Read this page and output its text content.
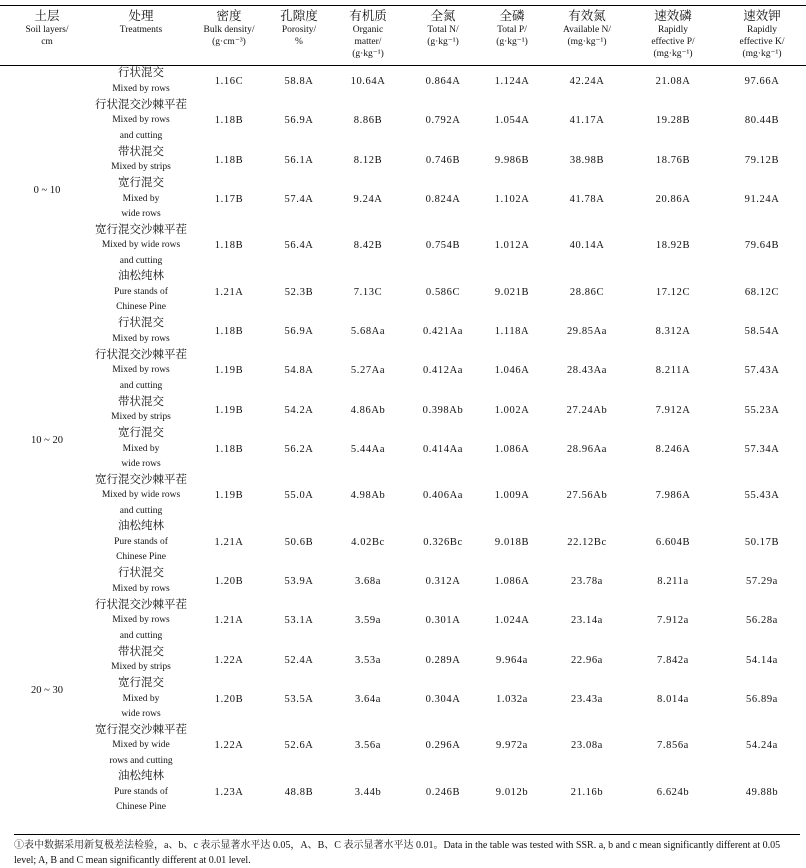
土层
Soil layers/
cm	处理
Treatments	密度
Bulk density/
(g·cm⁻³)	孔隙度
Porosity/
%	有机质
Organic
matter/
(g·kg⁻¹)	全氮
Total N/
(g·kg⁻¹)	全磷
Total P/
(g·kg⁻¹)	有效氮
Available N/
(mg·kg⁻¹)	速效磷
Rapidly
effective P/
(mg·kg⁻¹)	速效钾
Rapidly
effective K/
(mg·kg⁻¹)

0 ~ 10	行状混交
Mixed by rows	1.16C	58.8A	10.64A	0.864A	1.124A	42.24A	21.08A	97.66A

	行状混交沙棘平茬
Mixed by rows
and cutting	1.18B	56.9A	8.86B	0.792A	1.054A	41.17A	19.28B	80.44B

	带状混交
Mixed by strips	1.18B	56.1A	8.12B	0.746B	9.986B	38.98B	18.76B	79.12B

	宽行混交
Mixed by
wide rows	1.17B	57.4A	9.24A	0.824A	1.102A	41.78A	20.86A	91.24A

	宽行混交沙棘平茬
Mixed by wide rows
and cutting	1.18B	56.4A	8.42B	0.754B	1.012A	40.14A	18.92B	79.64B

	油松纯林
Pure stands of
Chinese Pine	1.21A	52.3B	7.13C	0.586C	9.021B	28.86C	17.12C	68.12C
10 ~ 20	行状混交
Mixed by rows	1.18B	56.9A	5.68Aa	0.421Aa	1.118A	29.85Aa	8.312A	58.54A

	行状混交沙棘平茬
Mixed by rows
and cutting	1.19B	54.8A	5.27Aa	0.412Aa	1.046A	28.43Aa	8.211A	57.43A

	带状混交
Mixed by strips	1.19B	54.2A	4.86Ab	0.398Ab	1.002A	27.24Ab	7.912A	55.23A

	宽行混交
Mixed by
wide rows	1.18B	56.2A	5.44Aa	0.414Aa	1.086A	28.96Aa	8.246A	57.34A

	宽行混交沙棘平茬
Mixed by wide rows
and cutting	1.19B	55.0A	4.98Ab	0.406Aa	1.009A	27.56Ab	7.986A	55.43A

	油松纯林
Pure stands of
Chinese Pine	1.21A	50.6B	4.02Bc	0.326Bc	9.018B	22.12Bc	6.604B	50.17B
20 ~ 30	行状混交
Mixed by rows	1.20B	53.9A	3.68a	0.312A	1.086A	23.78a	8.211a	57.29a

	行状混交沙棘平茬
Mixed by rows
and cutting	1.21A	53.1A	3.59a	0.301A	1.024A	23.14a	7.912a	56.28a

	带状混交
Mixed by strips	1.22A	52.4A	3.53a	0.289A	9.964a	22.96a	7.842a	54.14a

	宽行混交
Mixed by
wide rows	1.20B	53.5A	3.64a	0.304A	1.032a	23.43a	8.014a	56.89a

	宽行混交沙棘平茬
Mixed by wide
rows and cutting	1.22A	52.6A	3.56a	0.296A	9.972a	23.08a	7.856a	54.24a

	油松纯林
Pure stands of
Chinese Pine	1.23A	48.8B	3.44b	0.246B	9.012b	21.16b	6.624b	49.88b
①表中数据采用新复极差法检验，a、b、c 表示显著水平达 0.05，A、B、C 表示显著水平达 0.01。Data in the table was tested with SSR. a, b and c mean significantly different at 0.05 level; A, B and C mean significantly different at 0.01 level.
